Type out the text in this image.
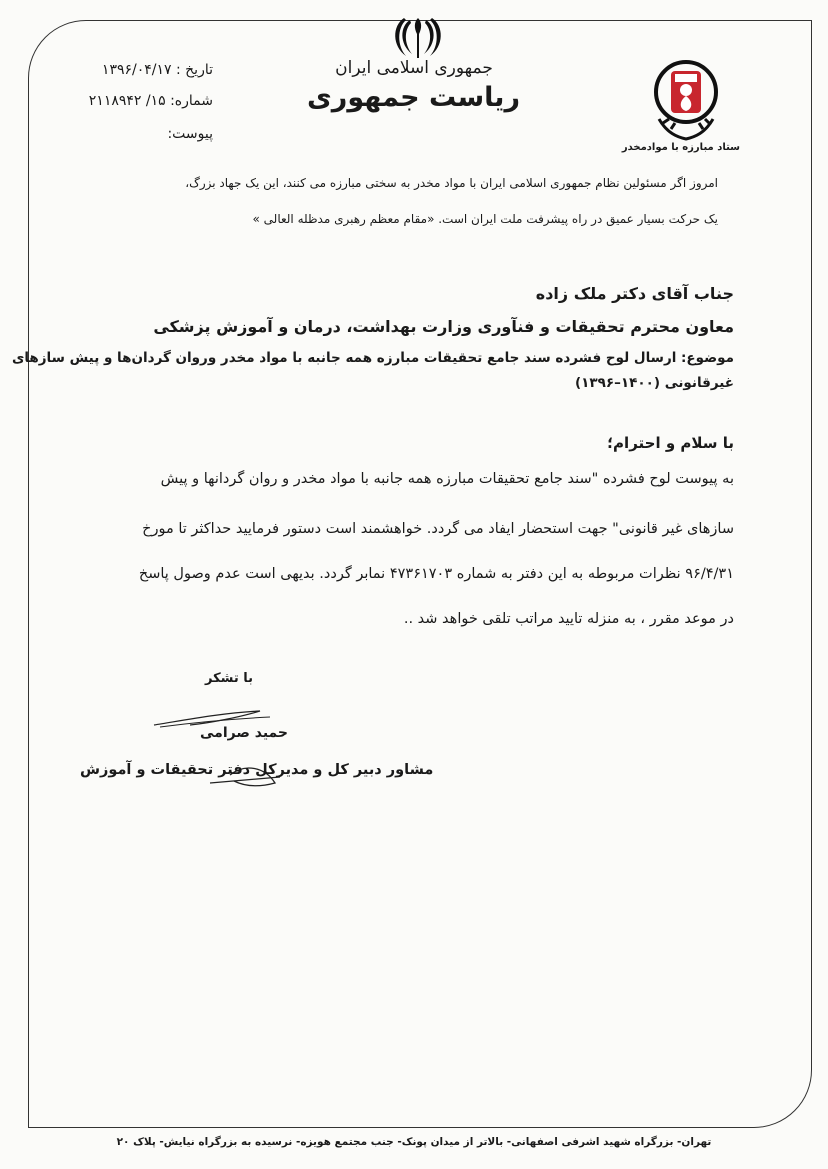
جمهوری اسلامی ایران
ریاست جمهوری
تاریخ : ۱۳۹۶/۰۴/۱۷
شماره: ۱۵/ ۲۱۱۸۹۴۲
پیوست:
ستاد مبارزه با موادمخدر
امروز اگر مسئولین نظام جمهوری اسلامی ایران با مواد مخدر به سختی مبارزه می کنند، این یک جهاد بزرگ،
یک حرکت بسیار عمیق در راه پیشرفت ملت ایران است. «مقام معظم رهبری مدظله العالی »
جناب آقای دکتر ملک زاده
معاون محترم تحقیقات و فنآوری وزارت بهداشت، درمان و آموزش پزشکی
موضوع: ارسال لوح فشرده سند جامع تحقیقات مبارزه همه جانبه با مواد مخدر وروان گردان‌ها و پیش سازهای
غیرقانونی (۱۴۰۰–۱۳۹۶)
با سلام و احترام؛
به پیوست لوح فشرده "سند جامع تحقیقات مبارزه همه جانبه با مواد مخدر و روان گردانها و پیش
سازهای غیر قانونی" جهت استحضار ایفاد می گردد. خواهشمند است دستور فرمایید حداکثر تا مورخ
۹۶/۴/۳۱ نظرات مربوطه به این دفتر به شماره ۴۷۳۶۱۷۰۳ نمابر گردد. بدیهی است عدم وصول پاسخ
در موعد مقرر ، به منزله تایید مراتب تلقی خواهد شد ..
با تشکر
حمید صرامی
مشاور دبیر کل و مدیرکل دفتر تحقیقات و آموزش
تهران- بزرگراه شهید اشرفی اصفهانی- بالاتر از میدان پونک- جنب مجتمع هویزه- نرسیده به بزرگراه نیایش- پلاک ۲۰
